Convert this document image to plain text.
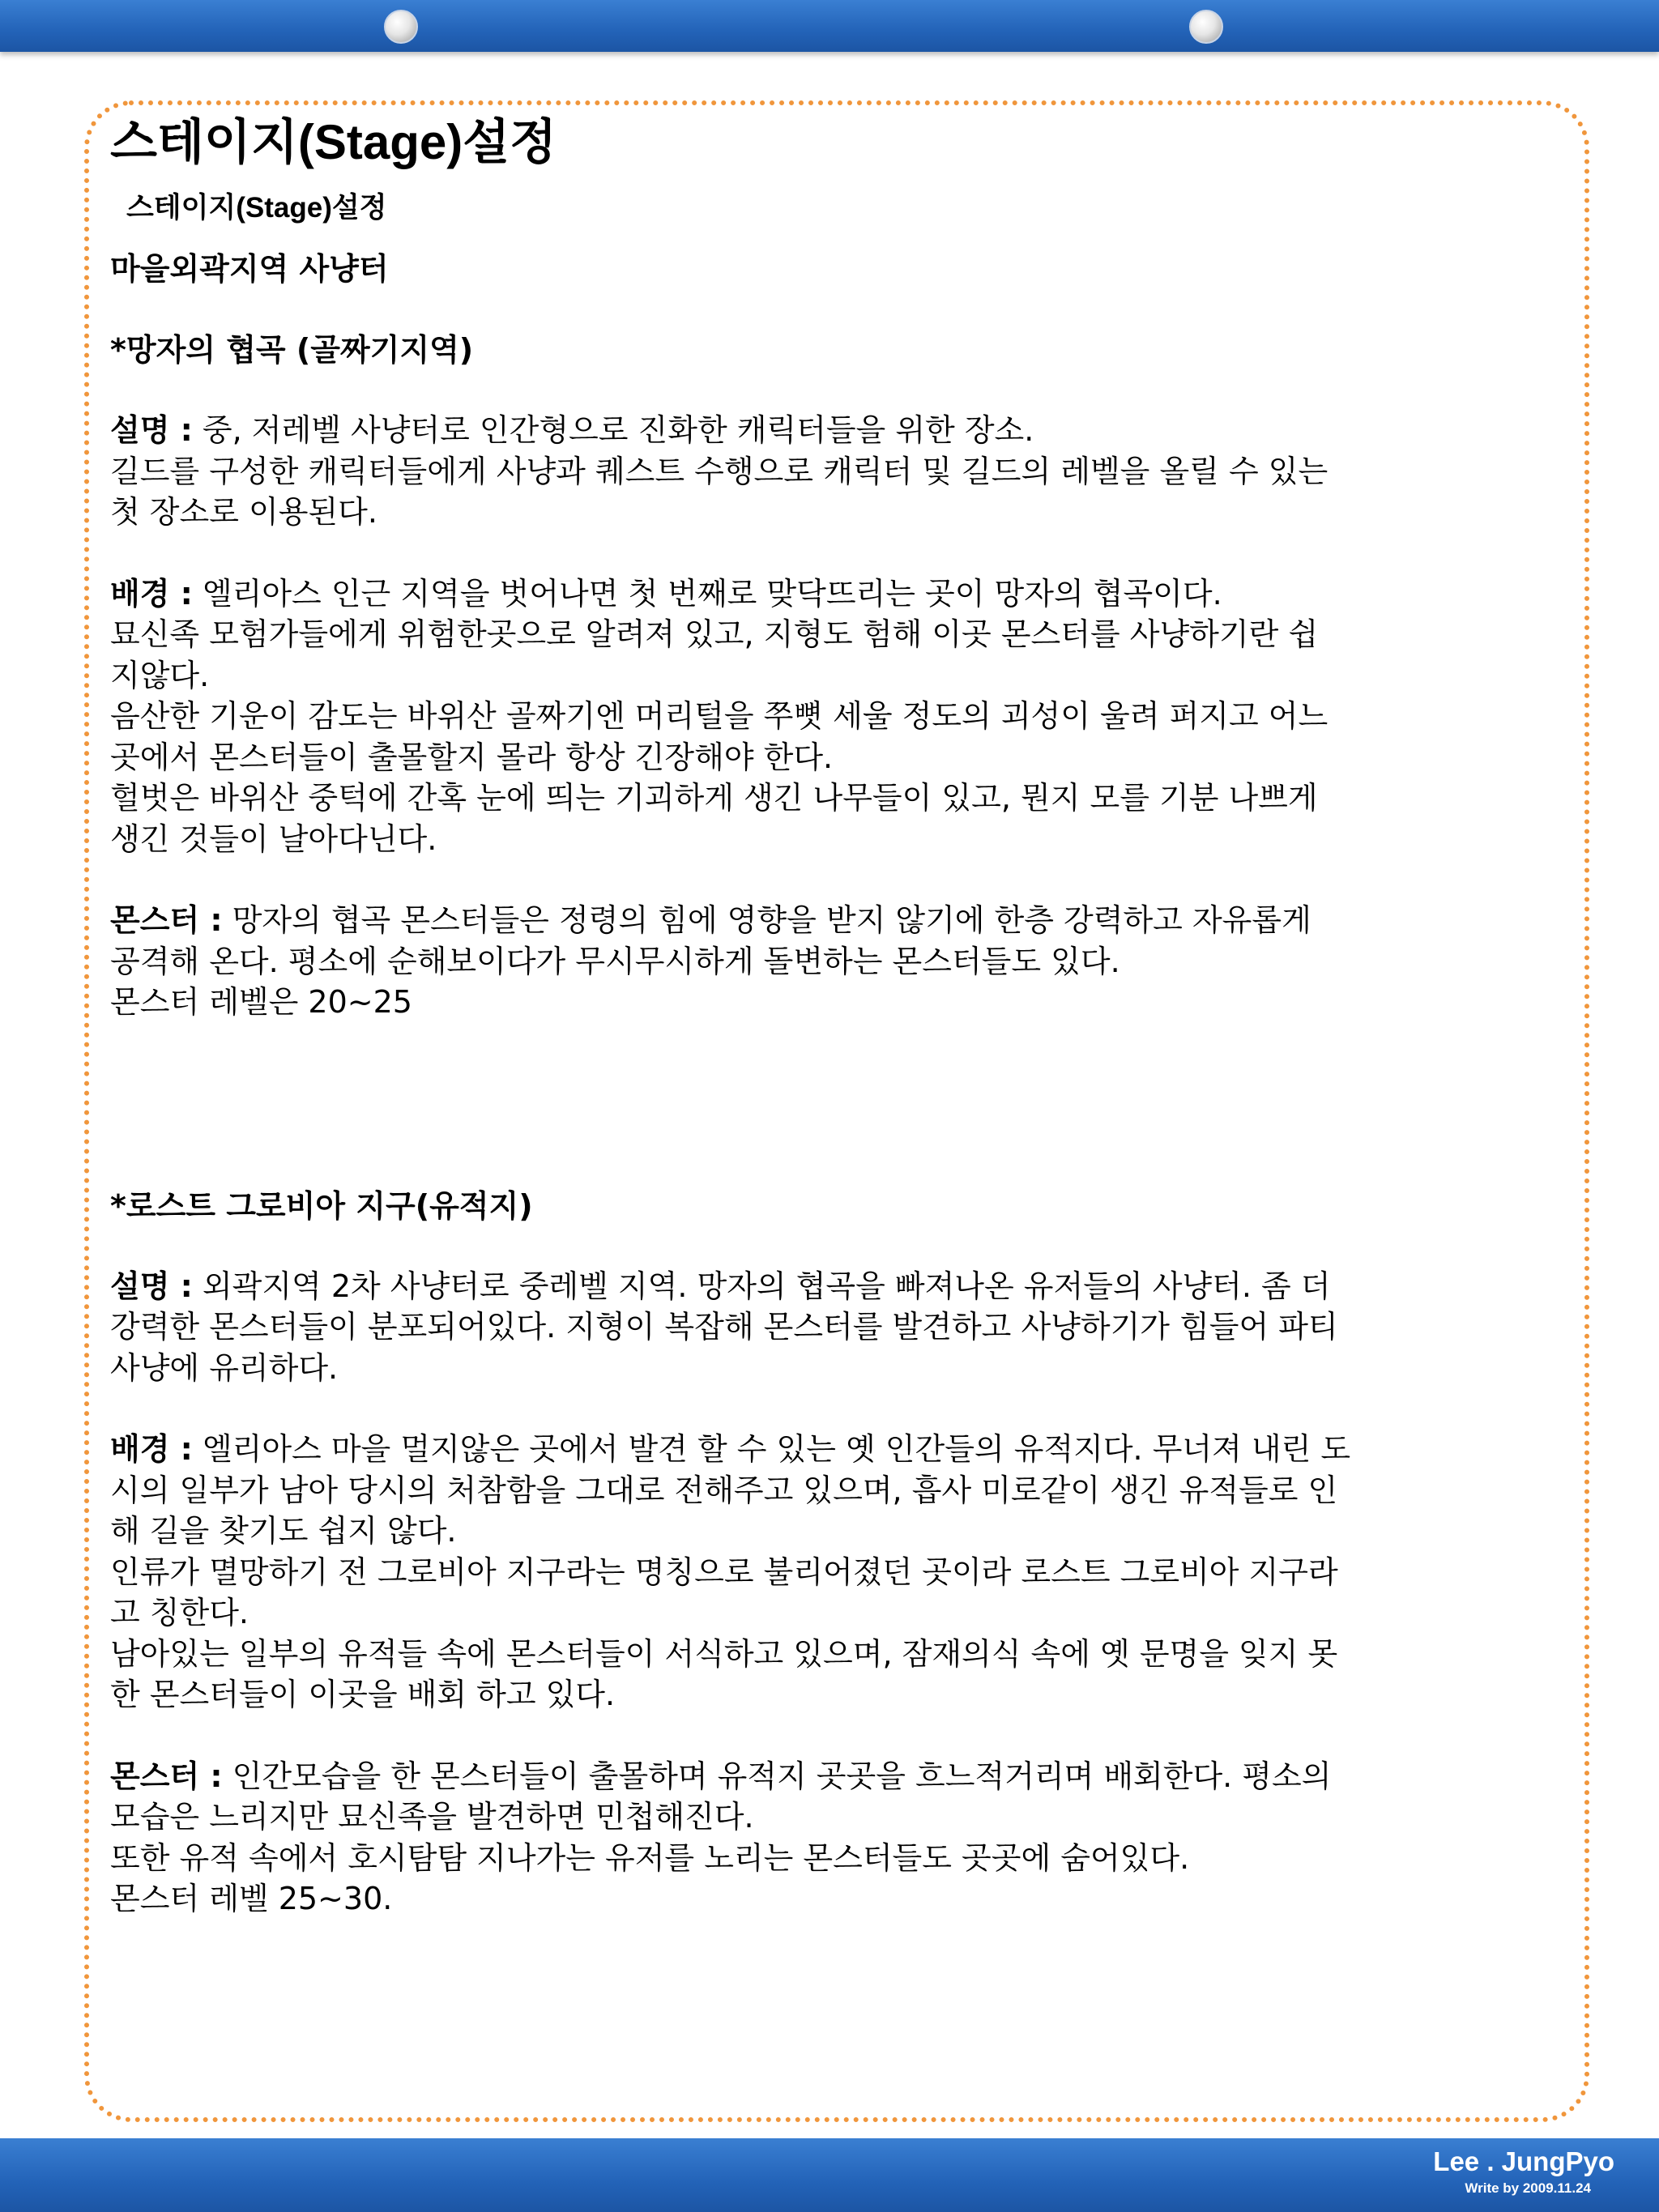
스테이지(Stage)설정
스테이지(Stage)설정
마을외곽지역 사냥터
*망자의 협곡 (골짜기지역)

설명 : 중, 저레벨 사냥터로 인간형으로 진화한 캐릭터들을 위한 장소.
길드를 구성한 캐릭터들에게 사냥과 퀘스트 수행으로 캐릭터 및 길드의 레벨을 올릴 수 있는
첫 장소로 이용된다.

배경 : 엘리아스 인근 지역을 벗어나면 첫 번째로 맞닥뜨리는 곳이 망자의 협곡이다.
묘신족 모험가들에게 위험한곳으로 알려져 있고, 지형도 험해 이곳 몬스터를 사냥하기란 쉽
지않다.
음산한 기운이 감도는 바위산 골짜기엔 머리털을 쭈뼛 세울 정도의 괴성이 울려 퍼지고 어느
곳에서 몬스터들이 출몰할지 몰라 항상 긴장해야 한다.
헐벗은 바위산 중턱에 간혹 눈에 띄는 기괴하게 생긴 나무들이 있고, 뭔지 모를 기분 나쁘게
생긴 것들이 날아다닌다.

몬스터 : 망자의 협곡 몬스터들은 정령의 힘에 영향을 받지 않기에 한층 강력하고 자유롭게
공격해 온다. 평소에 순해보이다가 무시무시하게 돌변하는 몬스터들도 있다.
몬스터 레벨은 20~25

*로스트 그로비아 지구(유적지)

설명 : 외곽지역 2차 사냥터로 중레벨 지역. 망자의 협곡을 빠져나온 유저들의 사냥터. 좀 더
강력한 몬스터들이 분포되어있다. 지형이 복잡해 몬스터를 발견하고 사냥하기가 힘들어 파티
사냥에 유리하다.

배경 : 엘리아스 마을 멀지않은 곳에서 발견 할 수 있는 옛 인간들의 유적지다. 무너져 내린 도
시의 일부가 남아 당시의 처참함을 그대로 전해주고 있으며, 흡사 미로같이 생긴 유적들로 인
해 길을 찾기도 쉽지 않다.
인류가 멸망하기 전 그로비아 지구라는 명칭으로 불리어졌던 곳이라 로스트 그로비아 지구라
고 칭한다.
남아있는 일부의 유적들 속에 몬스터들이 서식하고 있으며, 잠재의식 속에 옛 문명을 잊지 못
한 몬스터들이 이곳을 배회 하고 있다.

몬스터 : 인간모습을 한 몬스터들이 출몰하며 유적지 곳곳을 흐느적거리며 배회한다. 평소의
모습은 느리지만 묘신족을 발견하면 민첩해진다.
또한 유적 속에서 호시탐탐 지나가는 유저를 노리는 몬스터들도 곳곳에 숨어있다.
몬스터 레벨 25~30.

Lee . JungPyo
Write by 2009.11.24
